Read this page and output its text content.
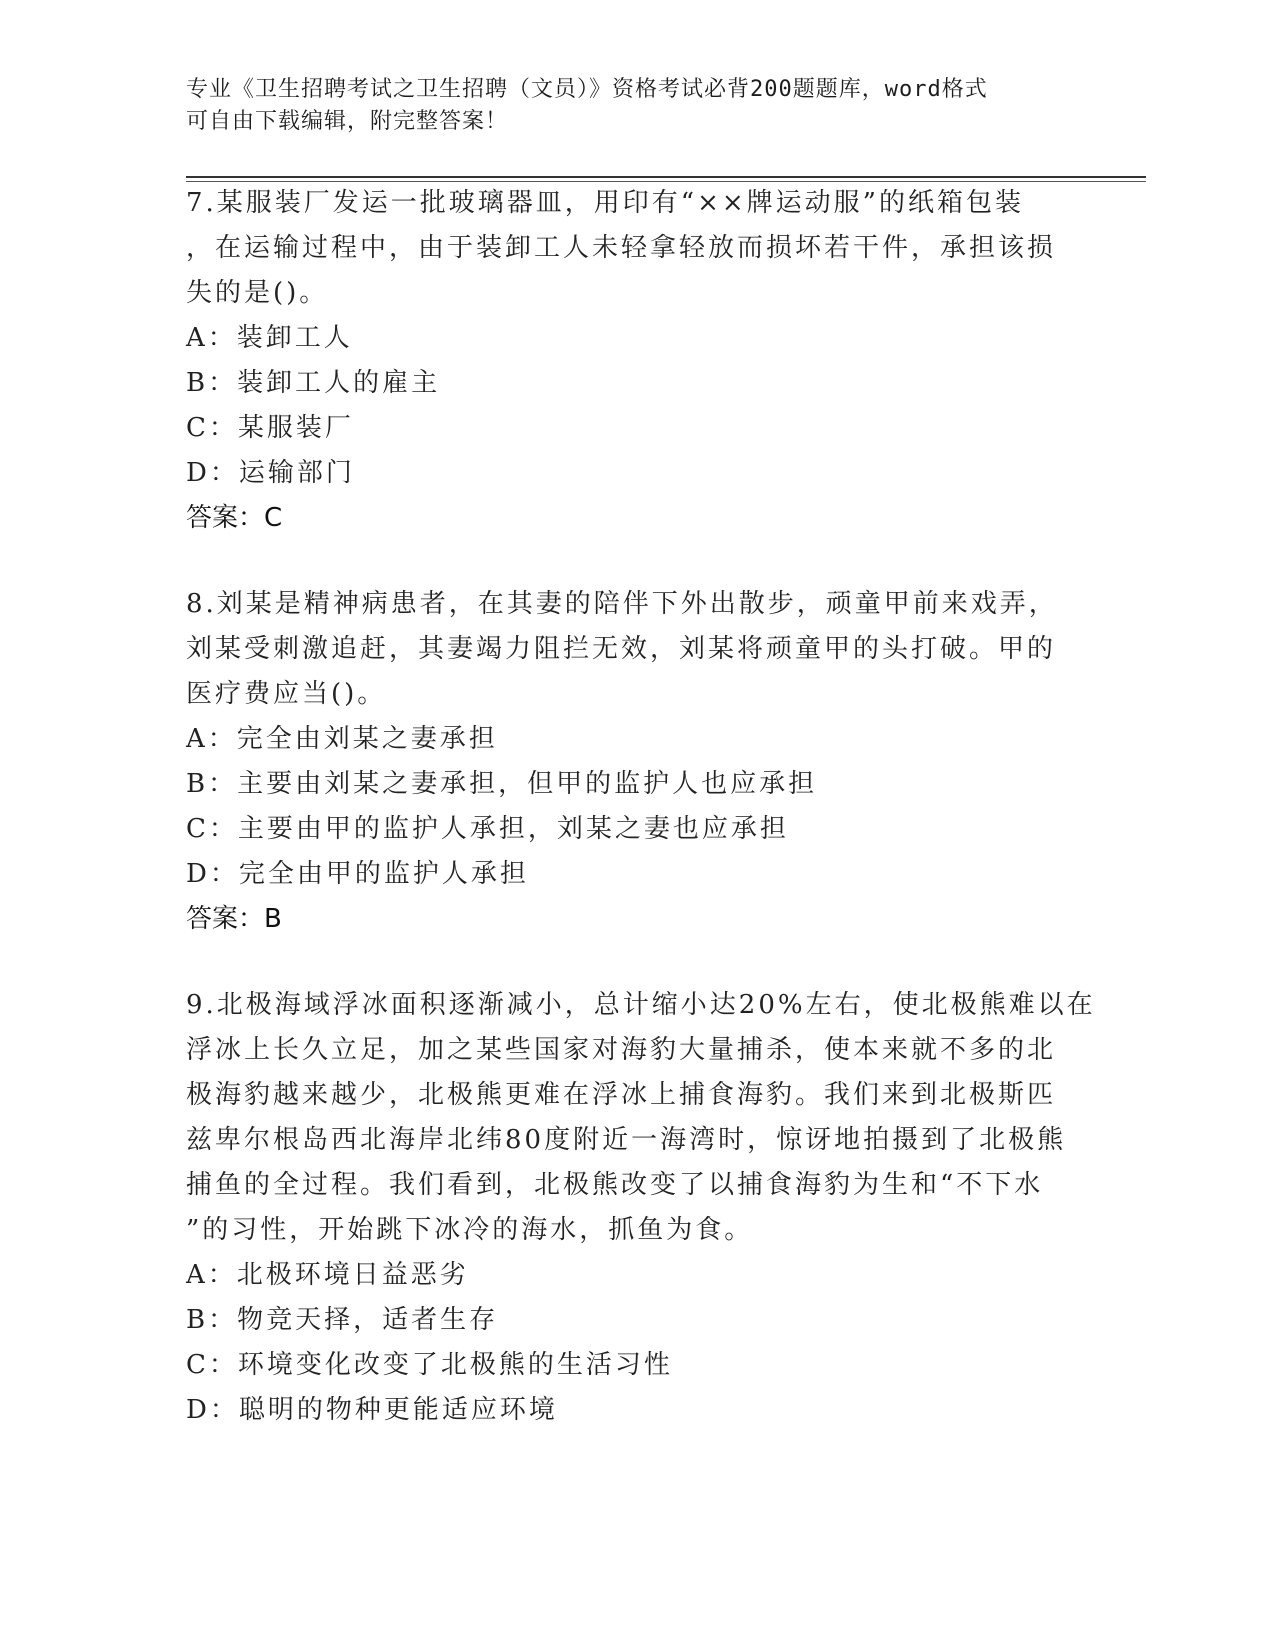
专业《卫生招聘考试之卫生招聘（文员）》资格考试必背200题题库，word格式
可自由下载编辑，附完整答案！
7.某服装厂发运一批玻璃器皿，用印有“××牌运动服”的纸箱包装
，在运输过程中，由于装卸工人未轻拿轻放而损坏若干件，承担该损
失的是()。
A：装卸工人
B：装卸工人的雇主
C：某服装厂
D：运输部门
答案：C
8.刘某是精神病患者，在其妻的陪伴下外出散步，顽童甲前来戏弄，
刘某受刺激追赶，其妻竭力阻拦无效，刘某将顽童甲的头打破。甲的
医疗费应当()。
A：完全由刘某之妻承担
B：主要由刘某之妻承担，但甲的监护人也应承担
C：主要由甲的监护人承担，刘某之妻也应承担
D：完全由甲的监护人承担
答案：B
9.北极海域浮冰面积逐渐减小，总计缩小达20%左右，使北极熊难以在
浮冰上长久立足，加之某些国家对海豹大量捕杀，使本来就不多的北
极海豹越来越少，北极熊更难在浮冰上捕食海豹。我们来到北极斯匹
兹卑尔根岛西北海岸北纬80度附近一海湾时，惊讶地拍摄到了北极熊
捕鱼的全过程。我们看到，北极熊改变了以捕食海豹为生和“不下水
”的习性，开始跳下冰冷的海水，抓鱼为食。
A：北极环境日益恶劣
B：物竞天择，适者生存
C：环境变化改变了北极熊的生活习性
D：聪明的物种更能适应环境
